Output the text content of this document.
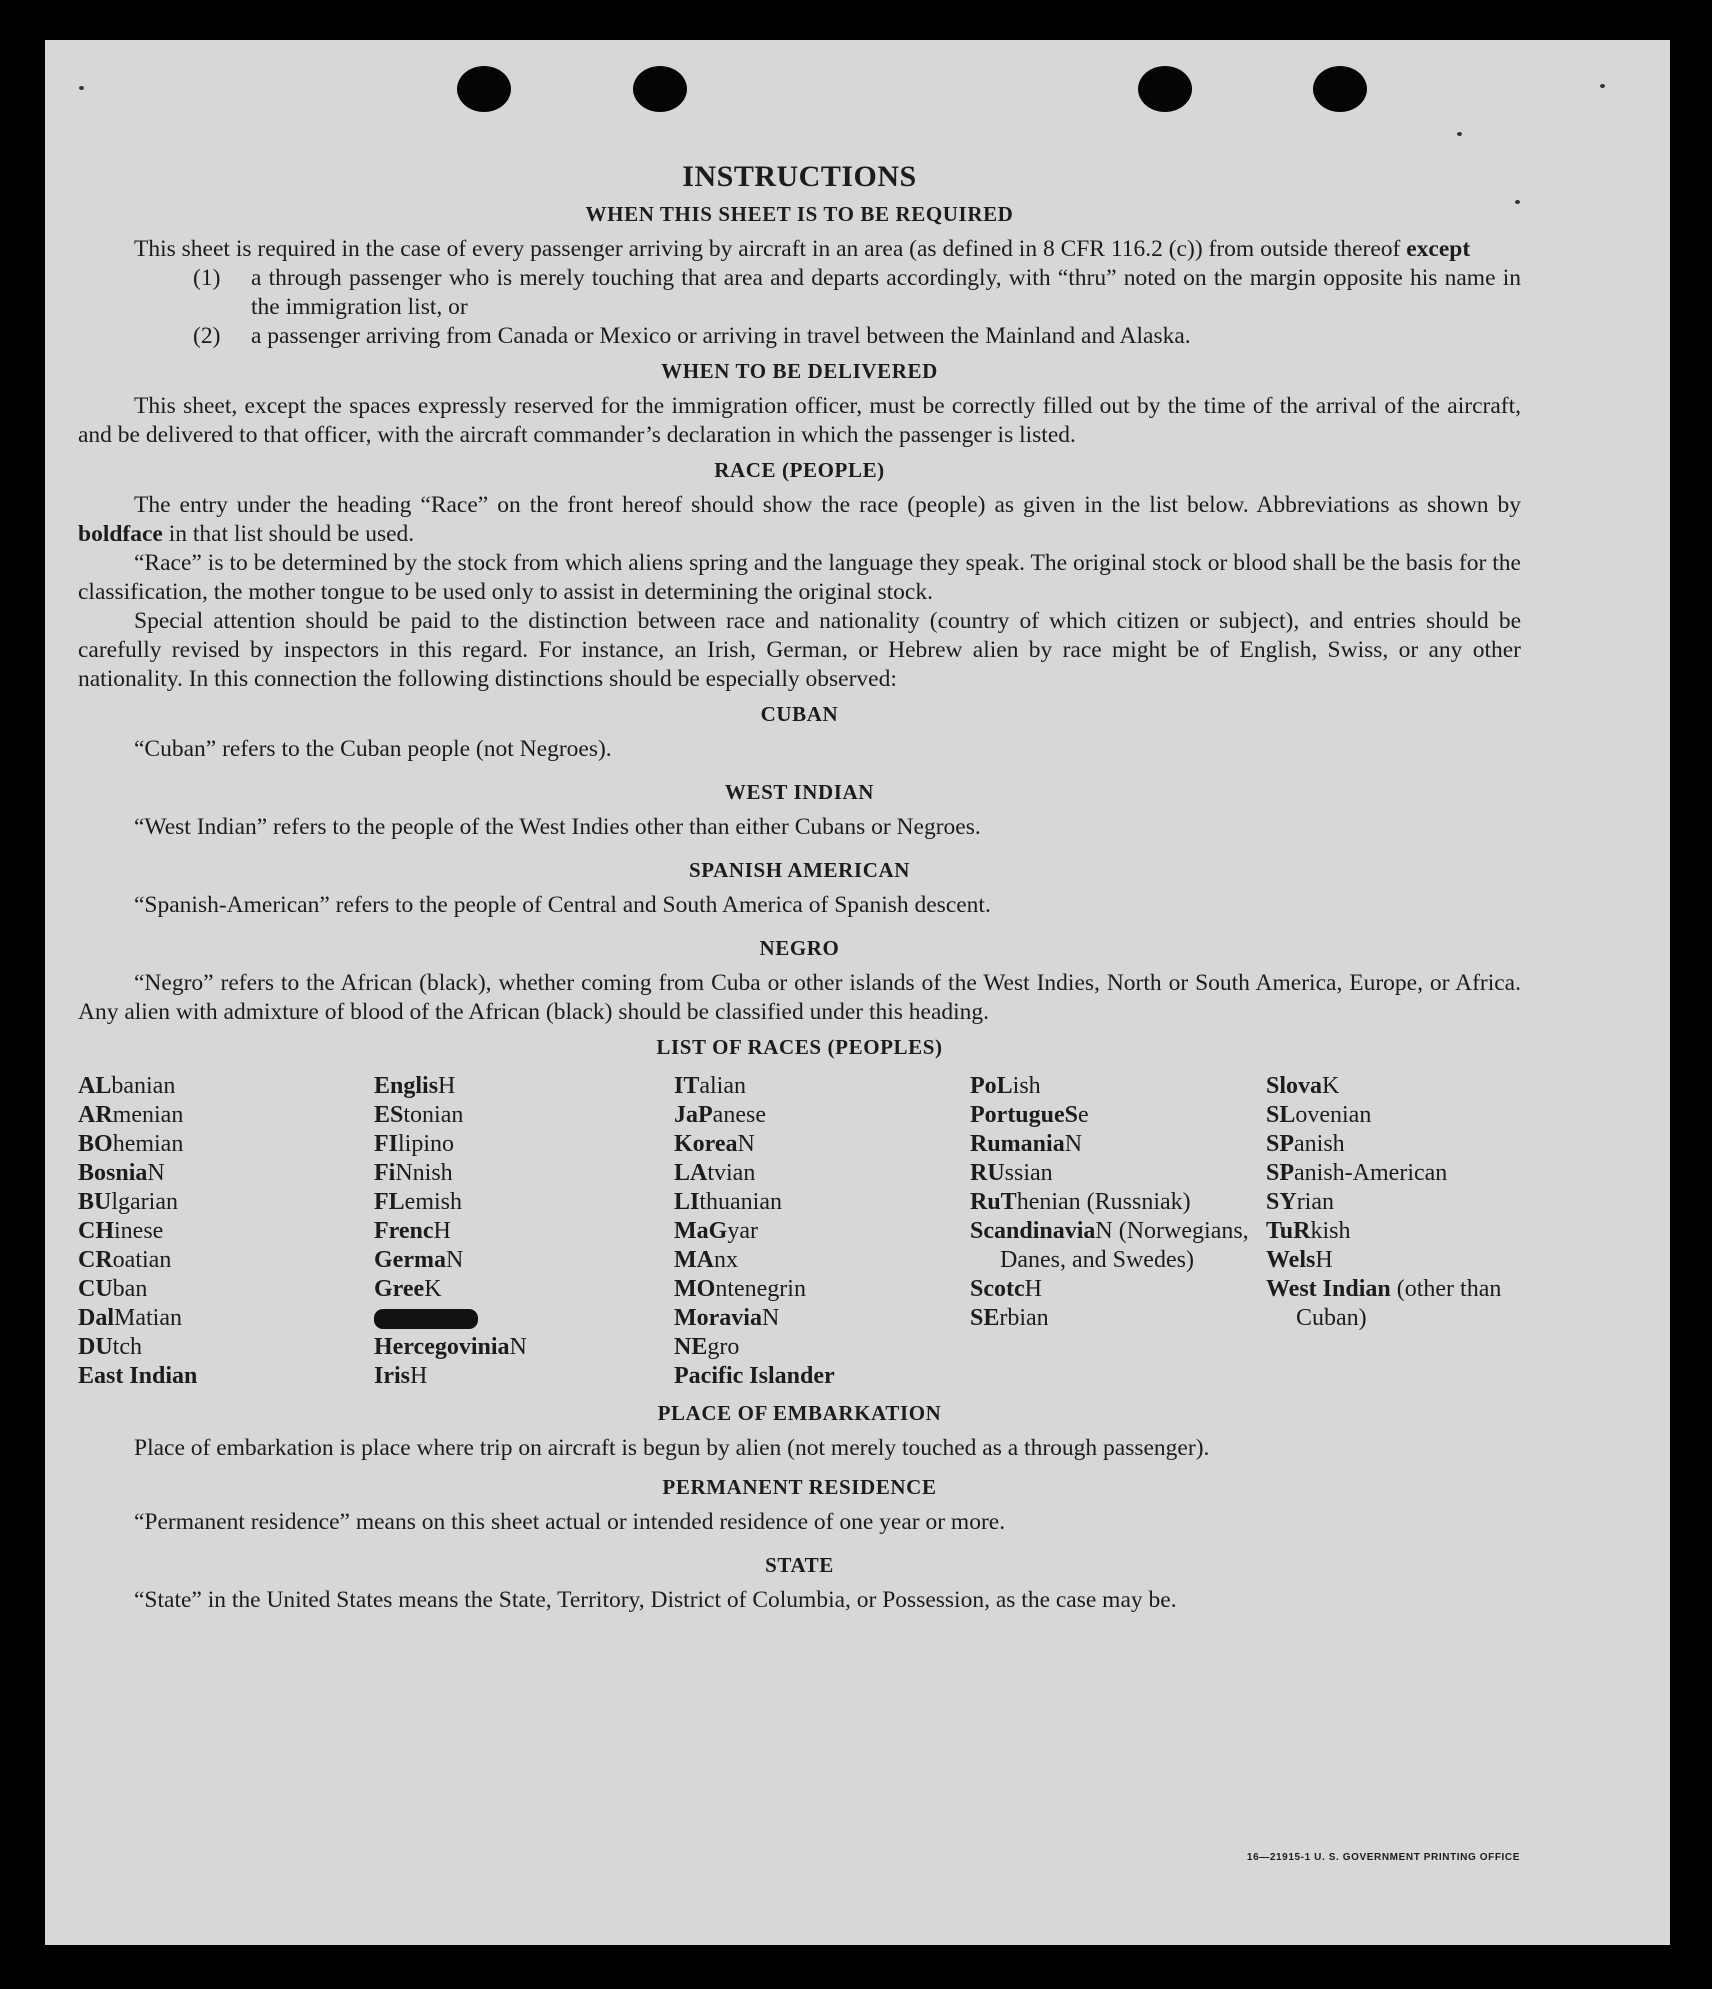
INSTRUCTIONS
WHEN THIS SHEET IS TO BE REQUIRED

This sheet is required in the case of every passenger arriving by aircraft in an area (as defined in 8 CFR 116.2 (c)) from outside thereof except

(1)	a through passenger who is merely touching that area and departs accordingly, with “thru” noted on the margin opposite his name in the immigration list, or
(2)	a passenger arriving from Canada or Mexico or arriving in travel between the Mainland and Alaska.
WHEN TO BE DELIVERED

This sheet, except the spaces expressly reserved for the immigration officer, must be correctly filled out by the time of the arrival of the aircraft, and be delivered to that officer, with the aircraft commander’s declaration in which the passenger is listed.

RACE (PEOPLE)

The entry under the heading “Race” on the front hereof should show the race (people) as given in the list below. Abbreviations as shown by boldface in that list should be used.

“Race” is to be determined by the stock from which aliens spring and the language they speak. The original stock or blood shall be the basis for the classification, the mother tongue to be used only to assist in determining the original stock.

Special attention should be paid to the distinction between race and nationality (country of which citizen or subject), and entries should be carefully revised by inspectors in this regard. For instance, an Irish, German, or Hebrew alien by race might be of English, Swiss, or any other nationality. In this connection the following distinctions should be especially observed:

CUBAN

“Cuban” refers to the Cuban people (not Negroes).

WEST INDIAN

“West Indian” refers to the people of the West Indies other than either Cubans or Negroes.

SPANISH AMERICAN

“Spanish-American” refers to the people of Central and South America of Spanish descent.

NEGRO

“Negro” refers to the African (black), whether coming from Cuba or other islands of the West Indies, North or South America, Europe, or Africa. Any alien with admixture of blood of the African (black) should be classified under this heading.

LIST OF RACES (PEOPLES)
ALbanian
ARmenian
BOhemian
BosniaN
BUlgarian
CHinese
CRoatian
CUban
DalMatian
DUtch
East Indian
EnglisH
EStonian
FIlipino
FiNnish
FLemish
FrencH
GermaN
GreeK
HercegoviniaN
IrisH
ITalian
JaPanese
KoreaN
LAtvian
LIthuanian
MaGyar
MAnx
MOntenegrin
MoraviaN
NEgro
Pacific Islander
PoLish
PortugueSe
RumaniaN
RUssian
RuThenian (Russniak)
ScandinaviaN (Norwegians, Danes, and Swedes)
ScotcH
SErbian
SlovaK
SLovenian
SPanish
SPanish-American
SYrian
TuRkish
WelsH
West Indian (other than Cuban)
PLACE OF EMBARKATION

Place of embarkation is place where trip on aircraft is begun by alien (not merely touched as a through passenger).

PERMANENT RESIDENCE

“Permanent residence” means on this sheet actual or intended residence of one year or more.

STATE

“State” in the United States means the State, Territory, District of Columbia, or Possession, as the case may be.

16—21915-1 U. S. GOVERNMENT PRINTING OFFICE
